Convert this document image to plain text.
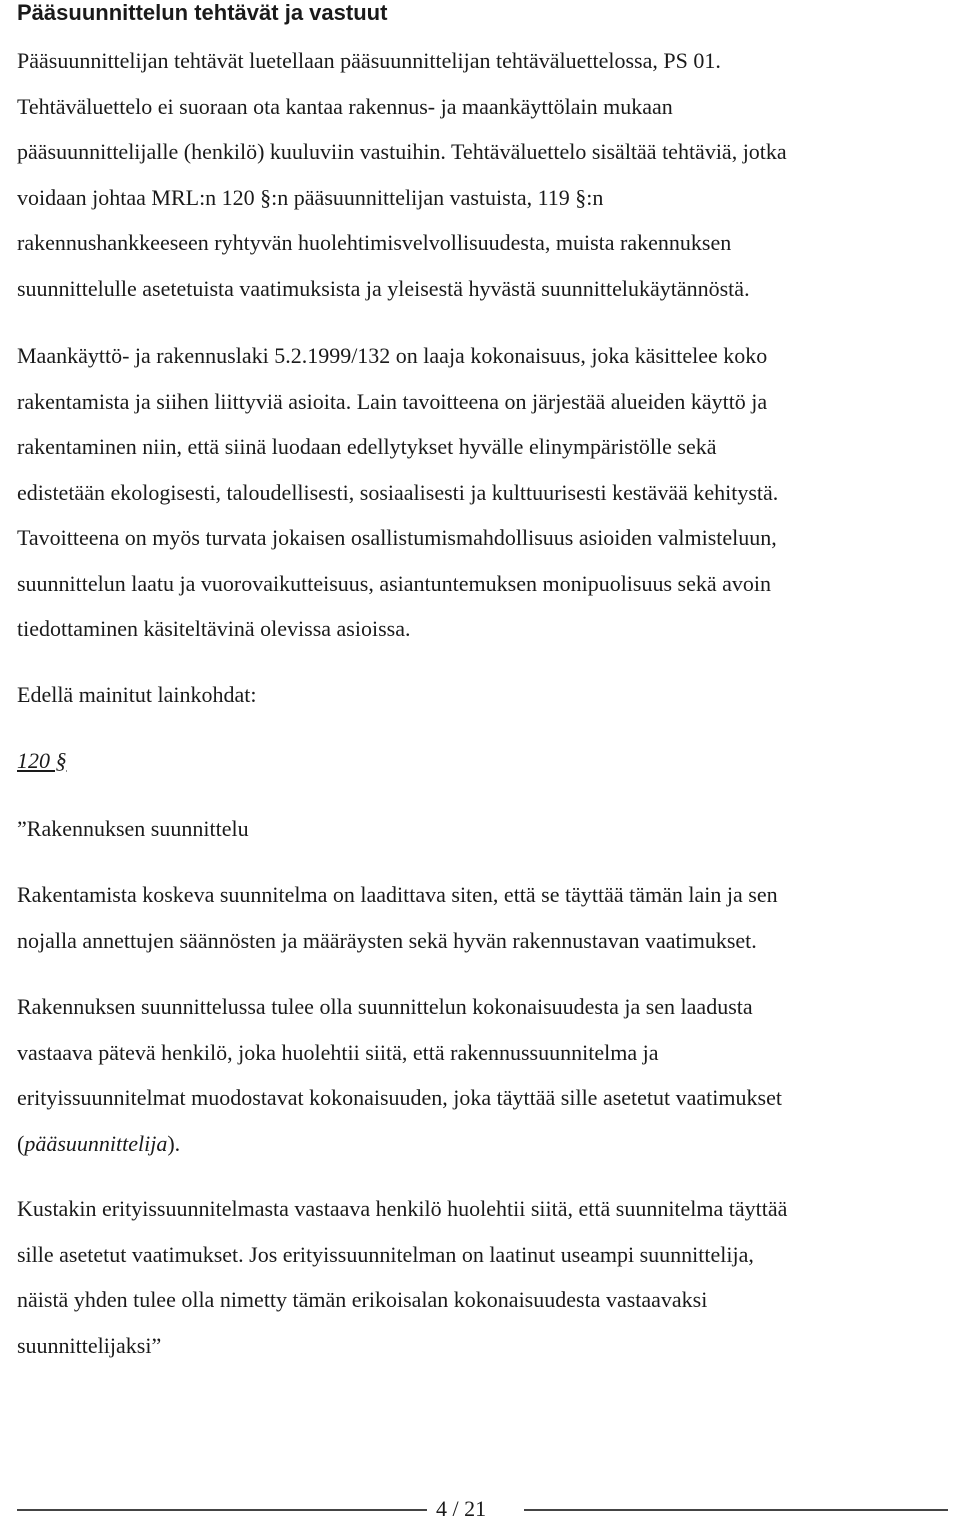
Pääsuunnittelun tehtävät ja vastuut

Pääsuunnittelijan tehtävät luetellaan pääsuunnittelijan tehtäväluettelossa, PS 01.
Tehtäväluettelo ei suoraan ota kantaa rakennus- ja maankäyttölain mukaan
pääsuunnittelijalle (henkilö) kuuluviin vastuihin. Tehtäväluettelo sisältää tehtäviä, jotka
voidaan johtaa MRL:n 120 §:n pääsuunnittelijan vastuista, 119 §:n
rakennushankkeeseen ryhtyvän huolehtimisvelvollisuudesta, muista rakennuksen
suunnittelulle asetetuista vaatimuksista ja yleisestä hyvästä suunnittelukäytännöstä.

Maankäyttö- ja rakennuslaki 5.2.1999/132 on laaja kokonaisuus, joka käsittelee koko
rakentamista ja siihen liittyviä asioita. Lain tavoitteena on järjestää alueiden käyttö ja
rakentaminen niin, että siinä luodaan edellytykset hyvälle elinympäristölle sekä
edistetään ekologisesti, taloudellisesti, sosiaalisesti ja kulttuurisesti kestävää kehitystä.
Tavoitteena on myös turvata jokaisen osallistumismahdollisuus asioiden valmisteluun,
suunnittelun laatu ja vuorovaikutteisuus, asiantuntemuksen monipuolisuus sekä avoin
tiedottaminen käsiteltävinä olevissa asioissa.

Edellä mainitut lainkohdat:

120 §

”Rakennuksen suunnittelu

Rakentamista koskeva suunnitelma on laadittava siten, että se täyttää tämän lain ja sen
nojalla annettujen säännösten ja määräysten sekä hyvän rakennustavan vaatimukset.

Rakennuksen suunnittelussa tulee olla suunnittelun kokonaisuudesta ja sen laadusta
vastaava pätevä henkilö, joka huolehtii siitä, että rakennussuunnitelma ja
erityissuunnitelmat muodostavat kokonaisuuden, joka täyttää sille asetetut vaatimukset
(pääsuunnittelija).

Kustakin erityissuunnitelmasta vastaava henkilö huolehtii siitä, että suunnitelma täyttää
sille asetetut vaatimukset. Jos erityissuunnitelman on laatinut useampi suunnittelija,
näistä yhden tulee olla nimetty tämän erikoisalan kokonaisuudesta vastaavaksi
suunnittelijaksi”

4 / 21
